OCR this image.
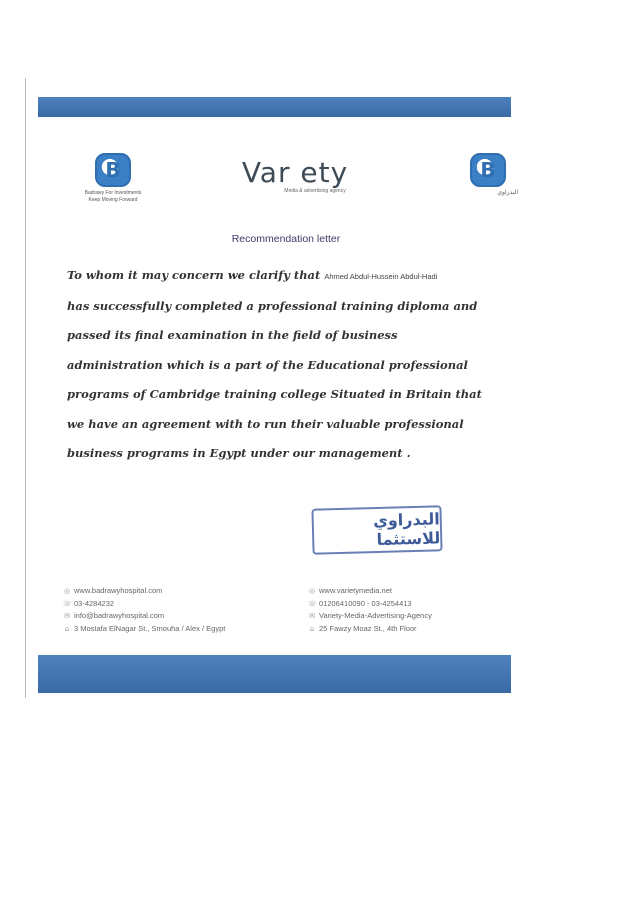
B
Badrawy For Investments
Keep Moving Forward
Var ety
Media & advertising agency
B
البدراوي
Recommendation letter
To whom it may concern we clarify that Ahmed Abdul-Hussein Abdul-Hadi
has successfully completed a professional training diploma and
passed its final examination in the field of business
administration which is a part of the Educational professional
programs of Cambridge training college Situated in Britain that
we have an agreement with to run their valuable professional
business programs in Egypt under our management .
البدراوي للاستثما
◎ www.badrawyhospital.com
☏ 03-4284232
✉ info@badrawyhospital.com
⌂ 3 Mostafa ElNagar St., Smouha / Alex / Egypt
◎ www.varietymedia.net
☏ 01206410090 - 03-4254413
✉ Variety-Media-Advertising-Agency
⌂ 25 Fawzy Moaz St., 4th Floor
